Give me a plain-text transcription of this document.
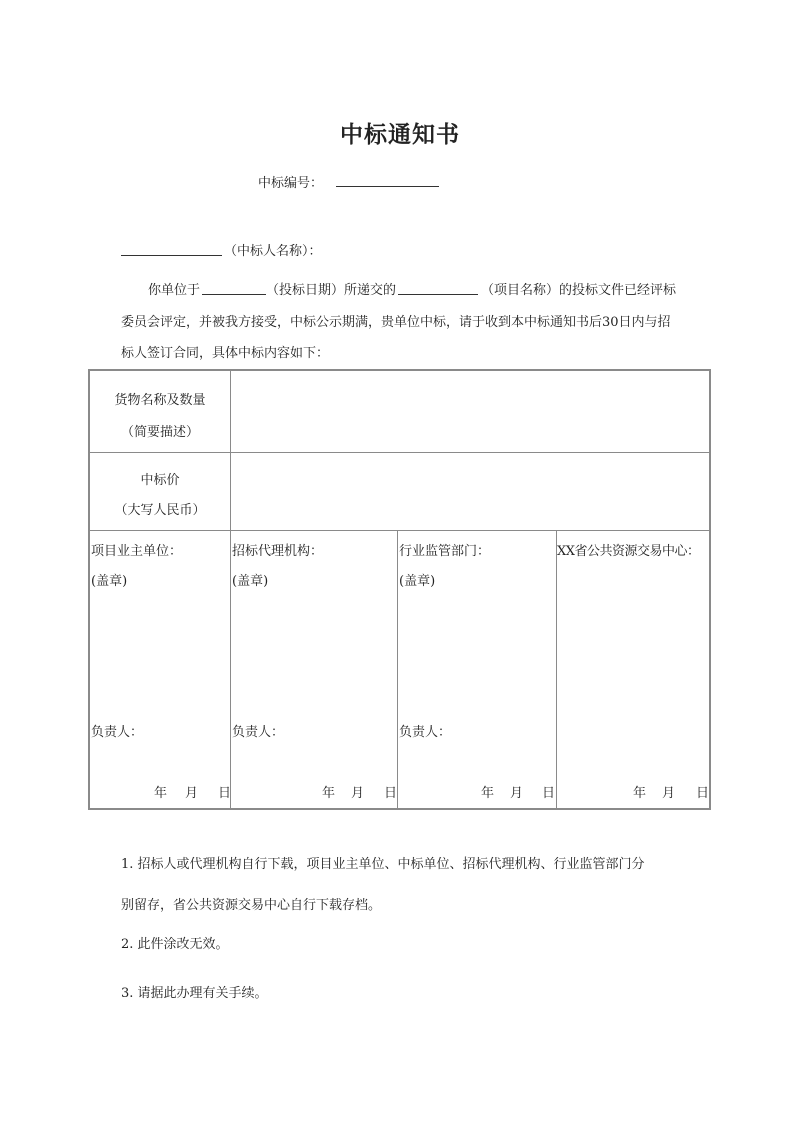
中标通知书
中标编号：
（中标人名称）：
你单位于	（投标日期）所递交的	（项目名称）的投标文件已经评标
委员会评定，并被我方接受，中标公示期满，贵单位中标，请于收到本中标通知书后30日内与招
标人签订合同，具体中标内容如下：
货物名称及数量
（简要描述）
中标价
（大写人民币）
项目业主单位：
(盖章)
负责人：
年 月 日
招标代理机构：
(盖章)
负责人：
年 月 日
行业监管部门：
(盖章)
负责人：
年 月 日
XX省公共资源交易中心：
年 月 日
1. 招标人或代理机构自行下载，项目业主单位、中标单位、招标代理机构、行业监管部门分
别留存，省公共资源交易中心自行下载存档。
2. 此件涂改无效。
3. 请据此办理有关手续。
